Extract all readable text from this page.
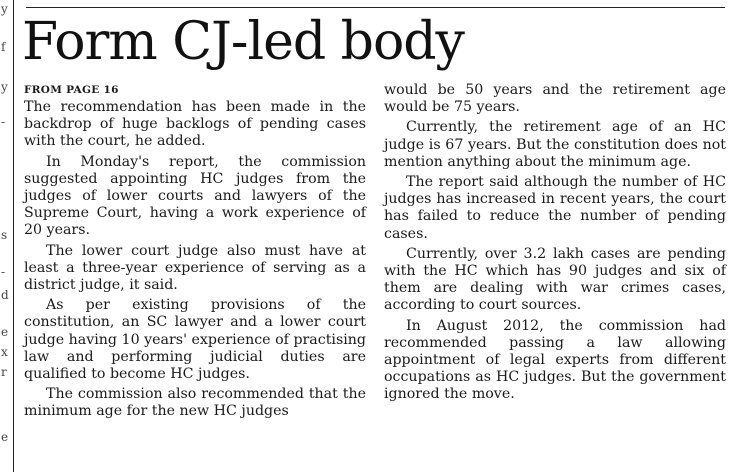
y
f
y
-
s
-
d
e
x
r
e
Form CJ-led body
FROM PAGE 16

The recommendation has been made in the backdrop of huge backlogs of pending cases with the court, he added.

In Monday's report, the commission suggested appointing HC judges from the judges of lower courts and lawyers of the Supreme Court, having a work experience of 20 years.

The lower court judge also must have at least a three-year experience of serving as a district judge, it said.

As per existing provisions of the constitution, an SC lawyer and a lower court judge having 10 years' experience of practising law and performing judicial duties are qualified to become HC judges.

The commission also recommended that the minimum age for the new HC judges

would be 50 years and the retirement age would be 75 years.

Currently, the retirement age of an HC judge is 67 years. But the constitution does not mention anything about the minimum age.

The report said although the number of HC judges has increased in recent years, the court has failed to reduce the number of pending cases.

Currently, over 3.2 lakh cases are pending with the HC which has 90 judges and six of them are dealing with war crimes cases, according to court sources.

In August 2012, the commission had recommended passing a law allowing appointment of legal experts from different occupations as HC judges. But the government ignored the move.
